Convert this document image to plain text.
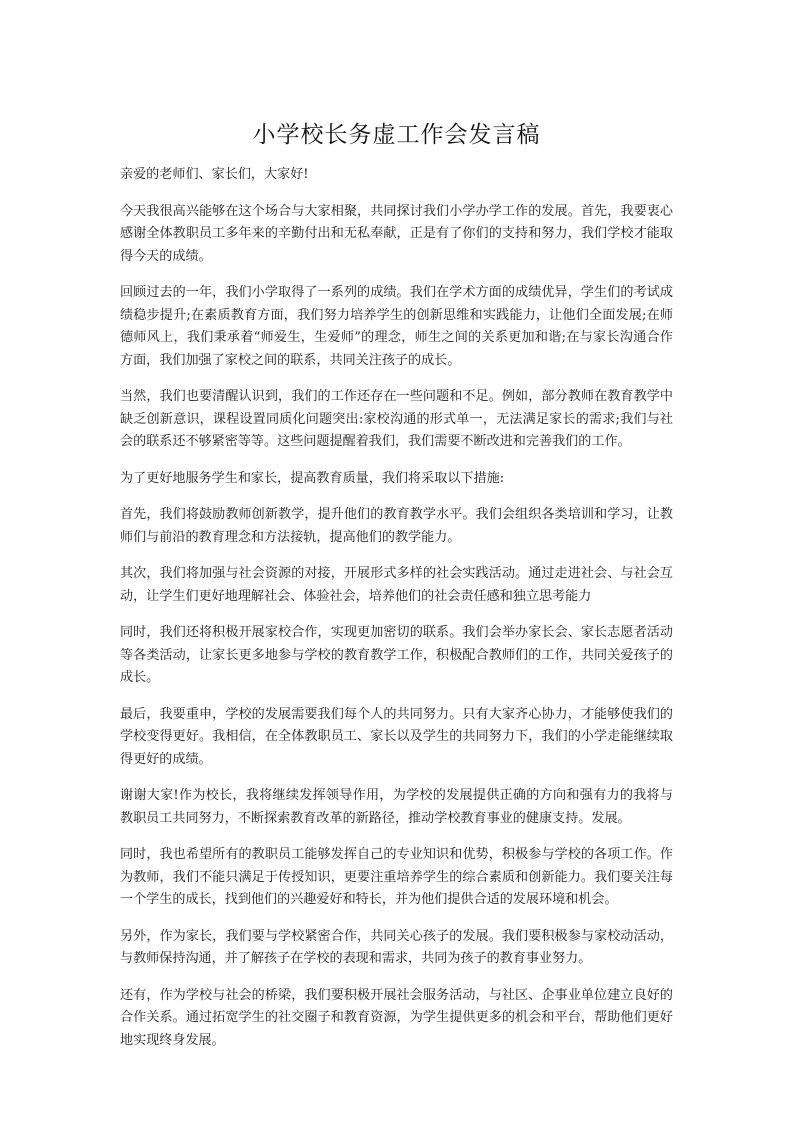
小学校长务虚工作会发言稿

亲爱的老师们、家长们，大家好!

今天我很高兴能够在这个场合与大家相聚，共同探讨我们小学办学工作的发展。首先，我要衷心感谢全体教职员工多年来的辛勤付出和无私奉献，正是有了你们的支持和努力，我们学校才能取得今天的成绩。

回顾过去的一年，我们小学取得了一系列的成绩。我们在学术方面的成绩优异，学生们的考试成绩稳步提升;在素质教育方面，我们努力培养学生的创新思维和实践能力，让他们全面发展;在师德师风上，我们秉承着“师爱生，生爱师”的理念，师生之间的关系更加和谐;在与家长沟通合作方面，我们加强了家校之间的联系，共同关注孩子的成长。

当然，我们也要清醒认识到，我们的工作还存在一些问题和不足。例如，部分教师在教育教学中缺乏创新意识，课程设置同质化问题突出:家校沟通的形式单一，无法满足家长的需求;我们与社会的联系还不够紧密等等。这些问题提醒着我们，我们需要不断改进和完善我们的工作。

为了更好地服务学生和家长，提高教育质量，我们将采取以下措施:

首先，我们将鼓励教师创新教学，提升他们的教育教学水平。我们会组织各类培训和学习，让教师们与前沿的教育理念和方法接轨，提高他们的教学能力。

其次，我们将加强与社会资源的对接，开展形式多样的社会实践活动。通过走进社会、与社会互动，让学生们更好地理解社会、体验社会，培养他们的社会责任感和独立思考能力

同时，我们还将积极开展家校合作，实现更加密切的联系。我们会举办家长会、家长志愿者活动等各类活动，让家长更多地参与学校的教育教学工作，积极配合教师们的工作，共同关爱孩子的成长。

最后，我要重申，学校的发展需要我们每个人的共同努力。只有大家齐心协力，才能够使我们的学校变得更好。我相信，在全体教职员工、家长以及学生的共同努力下，我们的小学走能继续取得更好的成绩。

谢谢大家!作为校长，我将继续发挥领导作用，为学校的发展提供正确的方向和强有力的我将与教职员工共同努力，不断探索教育改革的新路径，推动学校教育事业的健康支持。发展。

同时，我也希望所有的教职员工能够发挥自己的专业知识和优势，积极参与学校的各项工作。作为教师，我们不能只满足于传授知识，更要注重培养学生的综合素质和创新能力。我们要关注每一个学生的成长，找到他们的兴趣爱好和特长，并为他们提供合适的发展环境和机会。

另外，作为家长，我们要与学校紧密合作，共同关心孩子的发展。我们要积极参与家校动活动，与教师保持沟通，并了解孩子在学校的表现和需求，共同为孩子的教育事业努力。

还有，作为学校与社会的桥梁，我们要积极开展社会服务活动，与社区、企事业单位建立良好的合作关系。通过拓宽学生的社交圈子和教育资源，为学生提供更多的机会和平台，帮助他们更好地实现终身发展。
